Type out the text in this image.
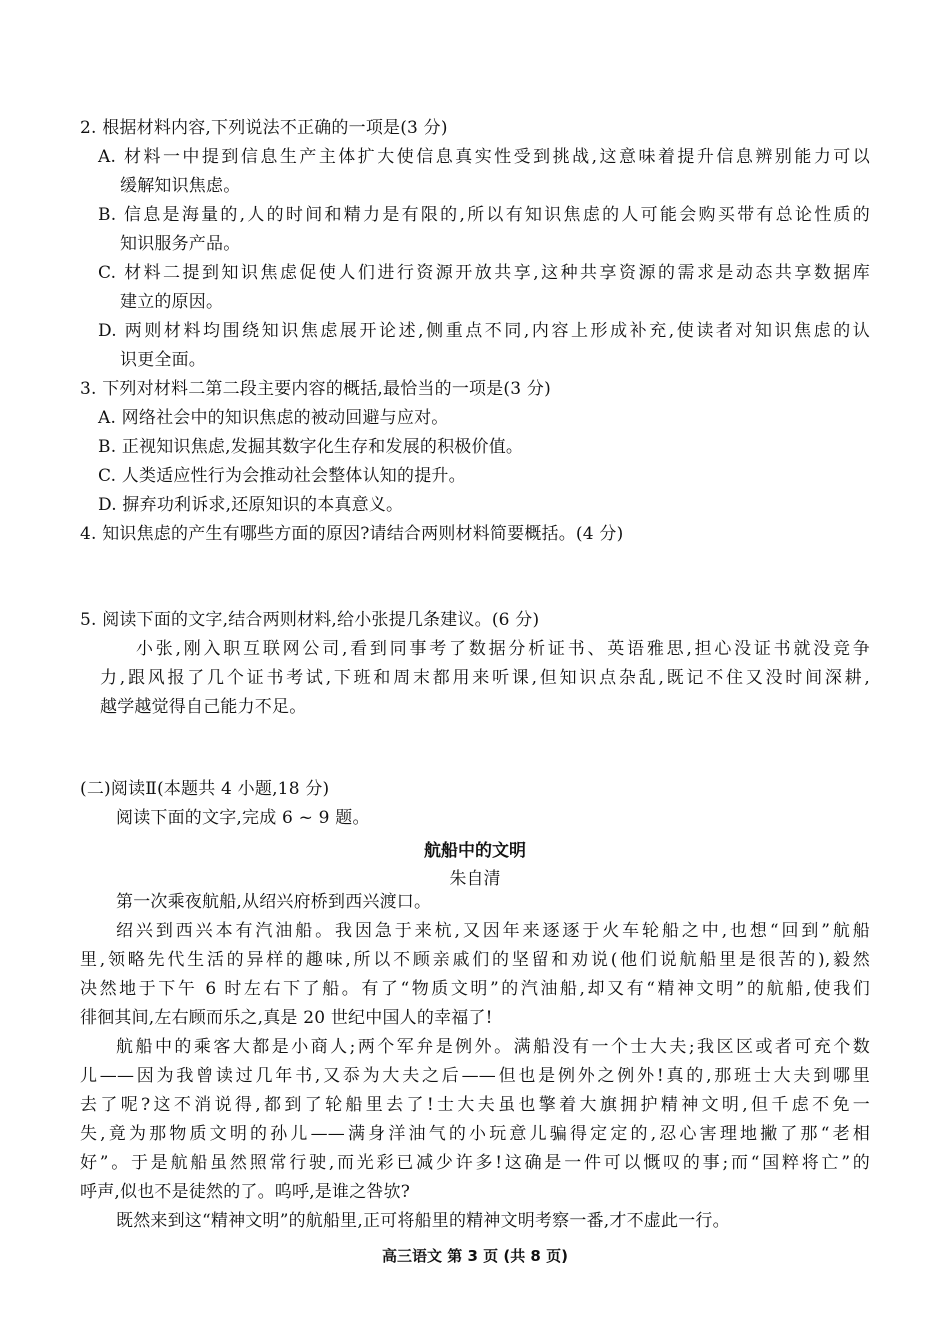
2. 根据材料内容,下列说法不正确的一项是(3 分)
A. 材料一中提到信息生产主体扩大使信息真实性受到挑战,这意味着提升信息辨别能力可以
缓解知识焦虑。
B. 信息是海量的,人的时间和精力是有限的,所以有知识焦虑的人可能会购买带有总论性质的
知识服务产品。
C. 材料二提到知识焦虑促使人们进行资源开放共享,这种共享资源的需求是动态共享数据库
建立的原因。
D. 两则材料均围绕知识焦虑展开论述,侧重点不同,内容上形成补充,使读者对知识焦虑的认
识更全面。
3. 下列对材料二第二段主要内容的概括,最恰当的一项是(3 分)
A. 网络社会中的知识焦虑的被动回避与应对。
B. 正视知识焦虑,发掘其数字化生存和发展的积极价值。
C. 人类适应性行为会推动社会整体认知的提升。
D. 摒弃功利诉求,还原知识的本真意义。
4. 知识焦虑的产生有哪些方面的原因?请结合两则材料简要概括。(4 分)
5. 阅读下面的文字,结合两则材料,给小张提几条建议。(6 分)
小张,刚入职互联网公司,看到同事考了数据分析证书、英语雅思,担心没证书就没竞争
力,跟风报了几个证书考试,下班和周末都用来听课,但知识点杂乱,既记不住又没时间深耕,
越学越觉得自己能力不足。
(二)阅读Ⅱ(本题共 4 小题,18 分)
阅读下面的文字,完成 6 ~ 9 题。
航船中的文明
朱自清
第一次乘夜航船,从绍兴府桥到西兴渡口。
绍兴到西兴本有汽油船。我因急于来杭,又因年来逐逐于火车轮船之中,也想“回到”航船
里,领略先代生活的异样的趣味,所以不顾亲戚们的坚留和劝说(他们说航船里是很苦的),毅然
决然地于下午 6 时左右下了船。有了“物质文明”的汽油船,却又有“精神文明”的航船,使我们
徘徊其间,左右顾而乐之,真是 20 世纪中国人的幸福了!
航船中的乘客大都是小商人;两个军弁是例外。满船没有一个士大夫;我区区或者可充个数
儿——因为我曾读过几年书,又忝为大夫之后——但也是例外之例外!真的,那班士大夫到哪里
去了呢?这不消说得,都到了轮船里去了!士大夫虽也擎着大旗拥护精神文明,但千虑不免一
失,竟为那物质文明的孙儿——满身洋油气的小玩意儿骗得定定的,忍心害理地撇了那“老相
好”。于是航船虽然照常行驶,而光彩已减少许多!这确是一件可以慨叹的事;而“国粹将亡”的
呼声,似也不是徒然的了。呜呼,是谁之咎欤?
既然来到这“精神文明”的航船里,正可将船里的精神文明考察一番,才不虚此一行。
高三语文 第 3 页 (共 8 页)
